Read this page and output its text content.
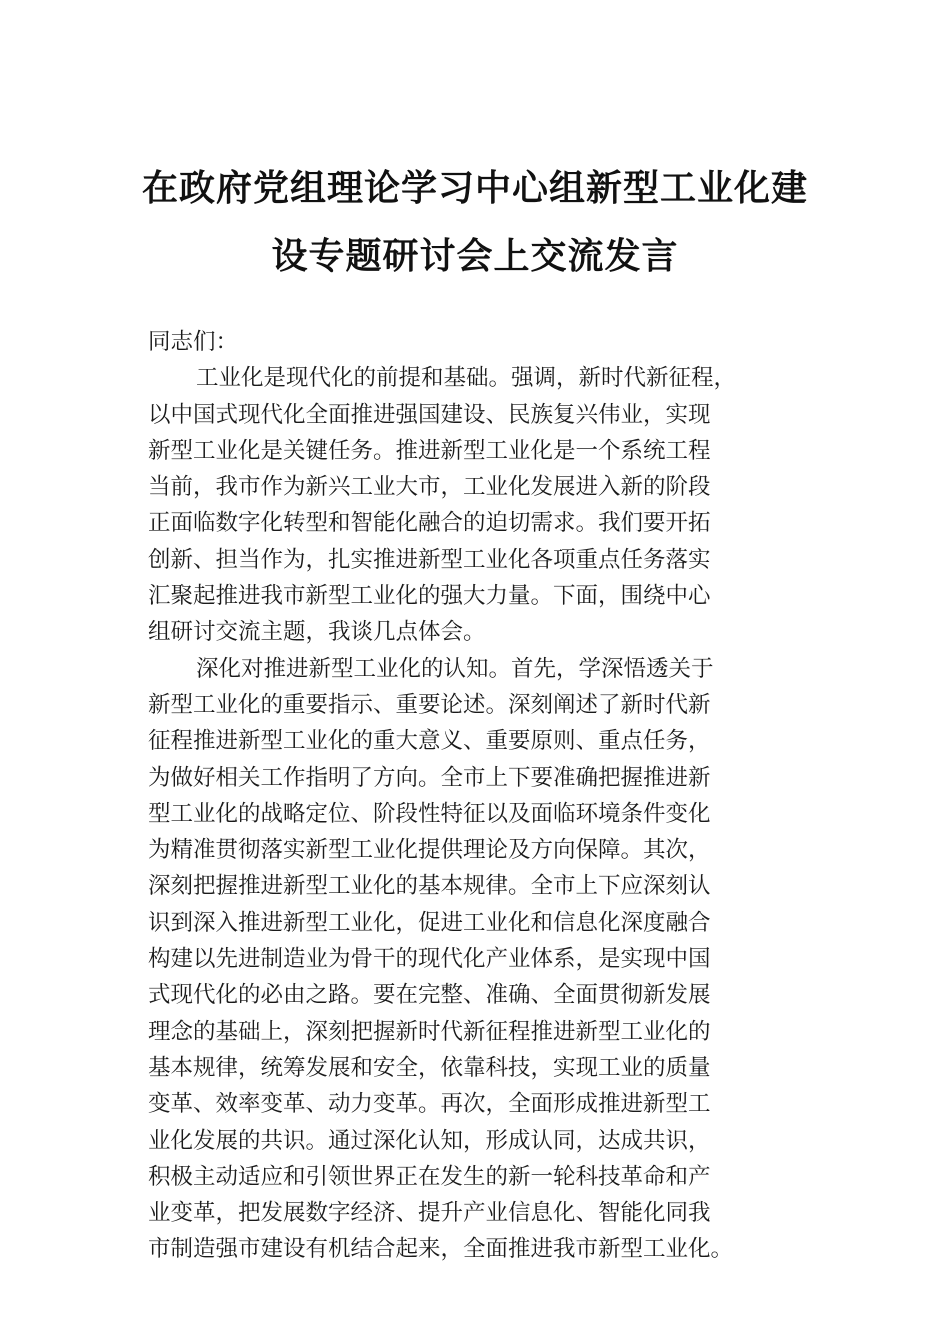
在政府党组理论学习中心组新型工业化建
设专题研讨会上交流发言
同志们：
工业化是现代化的前提和基础。强调，新时代新征程，
以中国式现代化全面推进强国建设、民族复兴伟业，实现
新型工业化是关键任务。推进新型工业化是一个系统工程
当前，我市作为新兴工业大市，工业化发展进入新的阶段
正面临数字化转型和智能化融合的迫切需求。我们要开拓
创新、担当作为，扎实推进新型工业化各项重点任务落实
汇聚起推进我市新型工业化的强大力量。下面，围绕中心
组研讨交流主题，我谈几点体会。
深化对推进新型工业化的认知。首先，学深悟透关于
新型工业化的重要指示、重要论述。深刻阐述了新时代新
征程推进新型工业化的重大意义、重要原则、重点任务，
为做好相关工作指明了方向。全市上下要准确把握推进新
型工业化的战略定位、阶段性特征以及面临环境条件变化
为精准贯彻落实新型工业化提供理论及方向保障。其次，
深刻把握推进新型工业化的基本规律。全市上下应深刻认
识到深入推进新型工业化，促进工业化和信息化深度融合
构建以先进制造业为骨干的现代化产业体系，是实现中国
式现代化的必由之路。要在完整、准确、全面贯彻新发展
理念的基础上，深刻把握新时代新征程推进新型工业化的
基本规律，统筹发展和安全，依靠科技，实现工业的质量
变革、效率变革、动力变革。再次，全面形成推进新型工
业化发展的共识。通过深化认知，形成认同，达成共识，
积极主动适应和引领世界正在发生的新一轮科技革命和产
业变革，把发展数字经济、提升产业信息化、智能化同我
市制造强市建设有机结合起来，全面推进我市新型工业化。
